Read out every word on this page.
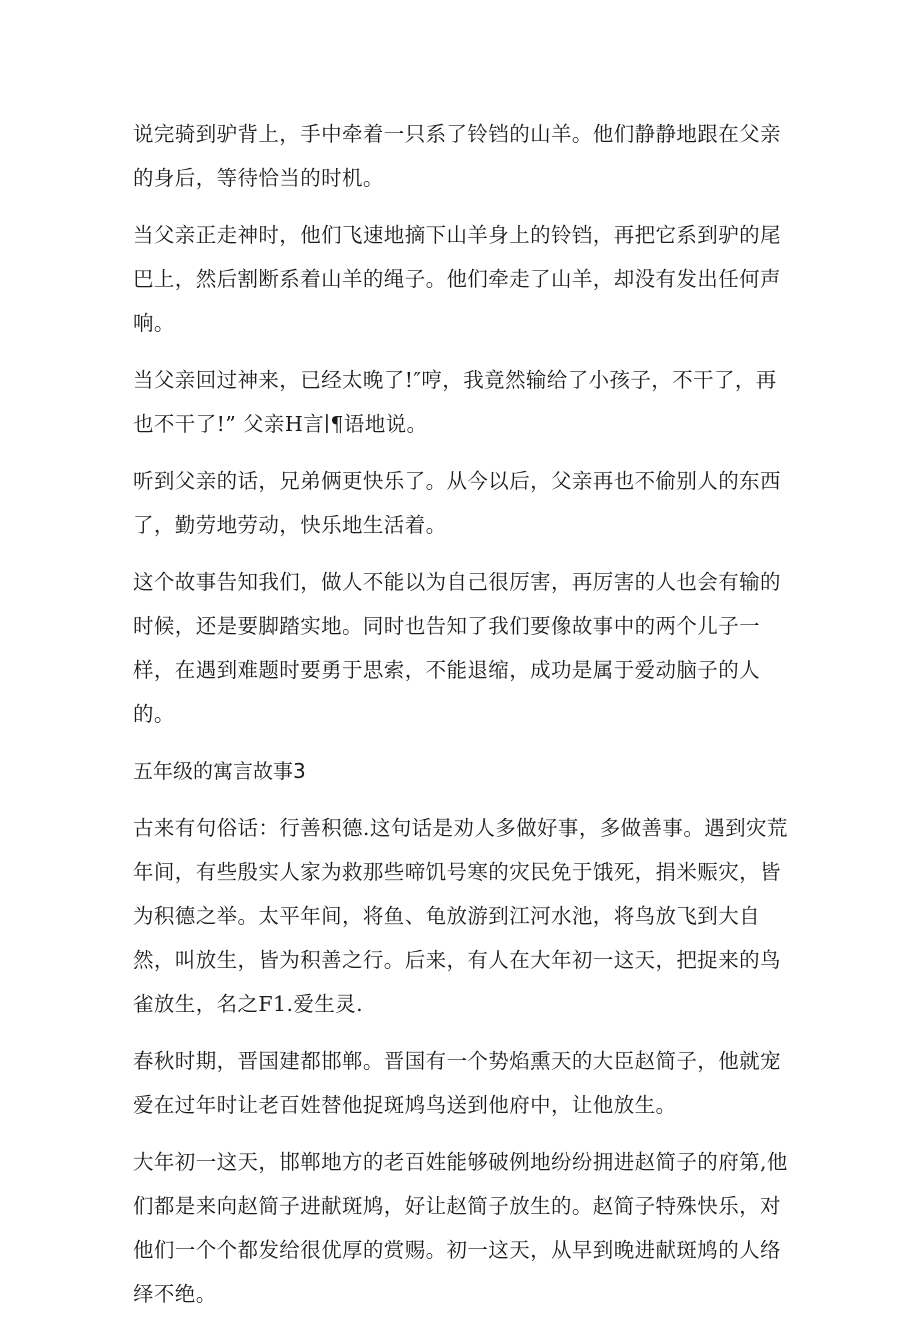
说完骑到驴背上，手中牵着一只系了铃铛的山羊。他们静静地跟在父亲的身后，等待恰当的时机。

当父亲正走神时，他们飞速地摘下山羊身上的铃铛，再把它系到驴的尾巴上，然后割断系着山羊的绳子。他们牵走了山羊，却没有发出任何声响。

当父亲回过神来，已经太晚了!″哼，我竟然输给了小孩子，不干了，再也不干了!” 父亲H言∣¶语地说。

听到父亲的话，兄弟俩更快乐了。从今以后，父亲再也不偷别人的东西了，勤劳地劳动，快乐地生活着。

这个故事告知我们，做人不能以为自己很厉害，再厉害的人也会有输的时候，还是要脚踏实地。同时也告知了我们要像故事中的两个儿子一样，在遇到难题时要勇于思索，不能退缩，成功是属于爱动脑子的人的。

五年级的寓言故事3

古来有句俗话：行善积德.这句话是劝人多做好事，多做善事。遇到灾荒年间，有些殷实人家为救那些啼饥号寒的灾民免于饿死，捐米赈灾，皆为积德之举。太平年间，将鱼、龟放游到江河水池，将鸟放飞到大自然，叫放生，皆为积善之行。后来，有人在大年初一这天，把捉来的鸟雀放生，名之F1.爱生灵.

春秋时期，晋国建都邯郸。晋国有一个势焰熏天的大臣赵简子，他就宠爱在过年时让老百姓替他捉斑鸠鸟送到他府中，让他放生。

大年初一这天，邯郸地方的老百姓能够破例地纷纷拥进赵简子的府第,他们都是来向赵简子进献斑鸠，好让赵简子放生的。赵简子特殊快乐，对他们一个个都发给很优厚的赏赐。初一这天，从早到晚进献斑鸠的人络绎不绝。
